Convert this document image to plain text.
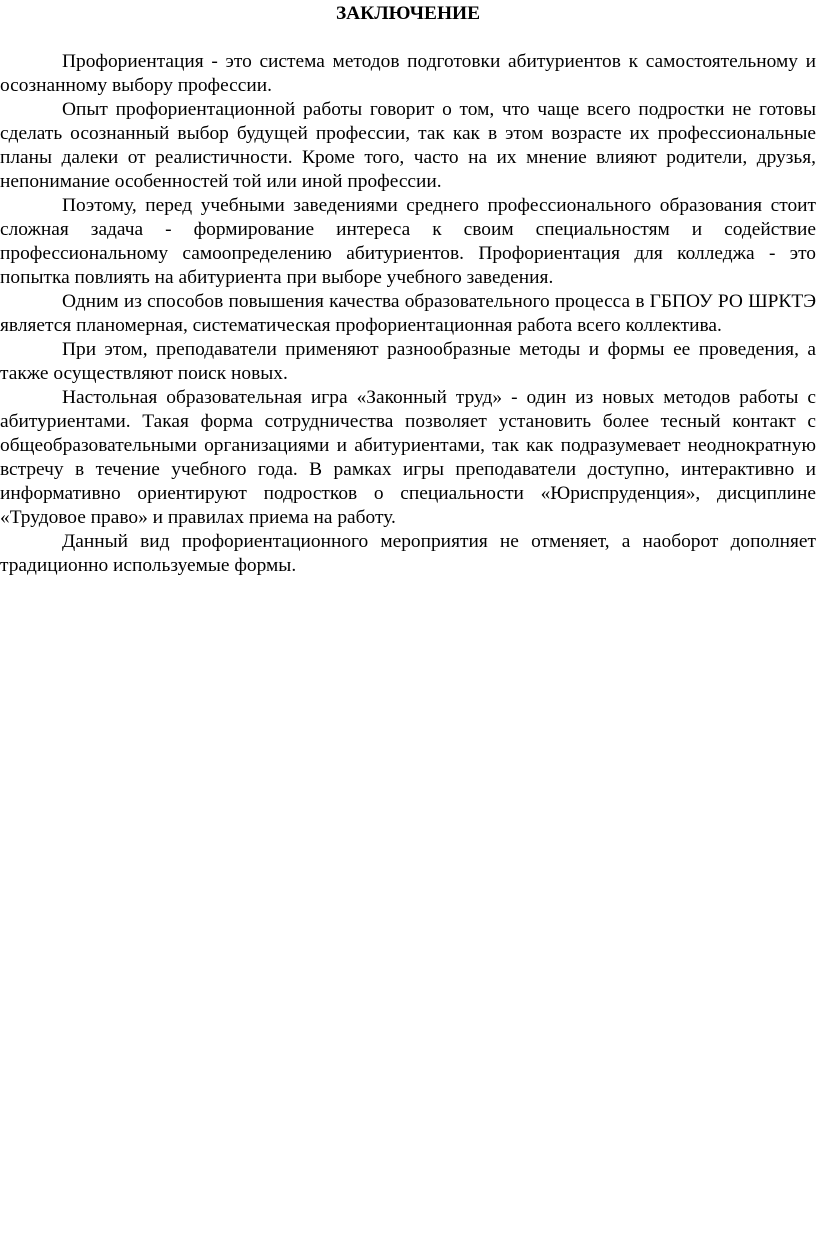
ЗАКЛЮЧЕНИЕ

Профориентация - это система методов подготовки абитуриентов к самостоятельному и осознанному выбору профессии.

Опыт профориентационной работы говорит о том, что чаще всего подростки не готовы сделать осознанный выбор будущей профессии, так как в этом возрасте их профессиональные планы далеки от реалистичности. Кроме того, часто на их мнение влияют родители, друзья, непонимание особенностей той или иной профессии.

Поэтому, перед учебными заведениями среднего профессионального образования стоит сложная задача - формирование интереса к своим специальностям и содействие профессиональному самоопределению абитуриентов. Профориентация для колледжа - это попытка повлиять на абитуриента при выборе учебного заведения.

Одним из способов повышения качества образовательного процесса в ГБПОУ РО ШРКТЭ является планомерная, систематическая профориентационная работа всего коллектива.

При этом, преподаватели применяют разнообразные методы и формы ее проведения, а также осуществляют поиск новых.

Настольная образовательная игра «Законный труд» - один из новых методов работы с абитуриентами. Такая форма сотрудничества позволяет установить более тесный контакт с общеобразовательными организациями и абитуриентами, так как подразумевает неоднократную встречу в течение учебного года. В рамках игры преподаватели доступно, интерактивно и информативно ориентируют подростков о специальности «Юриспруденция», дисциплине «Трудовое право» и правилах приема на работу.

Данный вид профориентационного мероприятия не отменяет, а наоборот дополняет традиционно используемые формы.
